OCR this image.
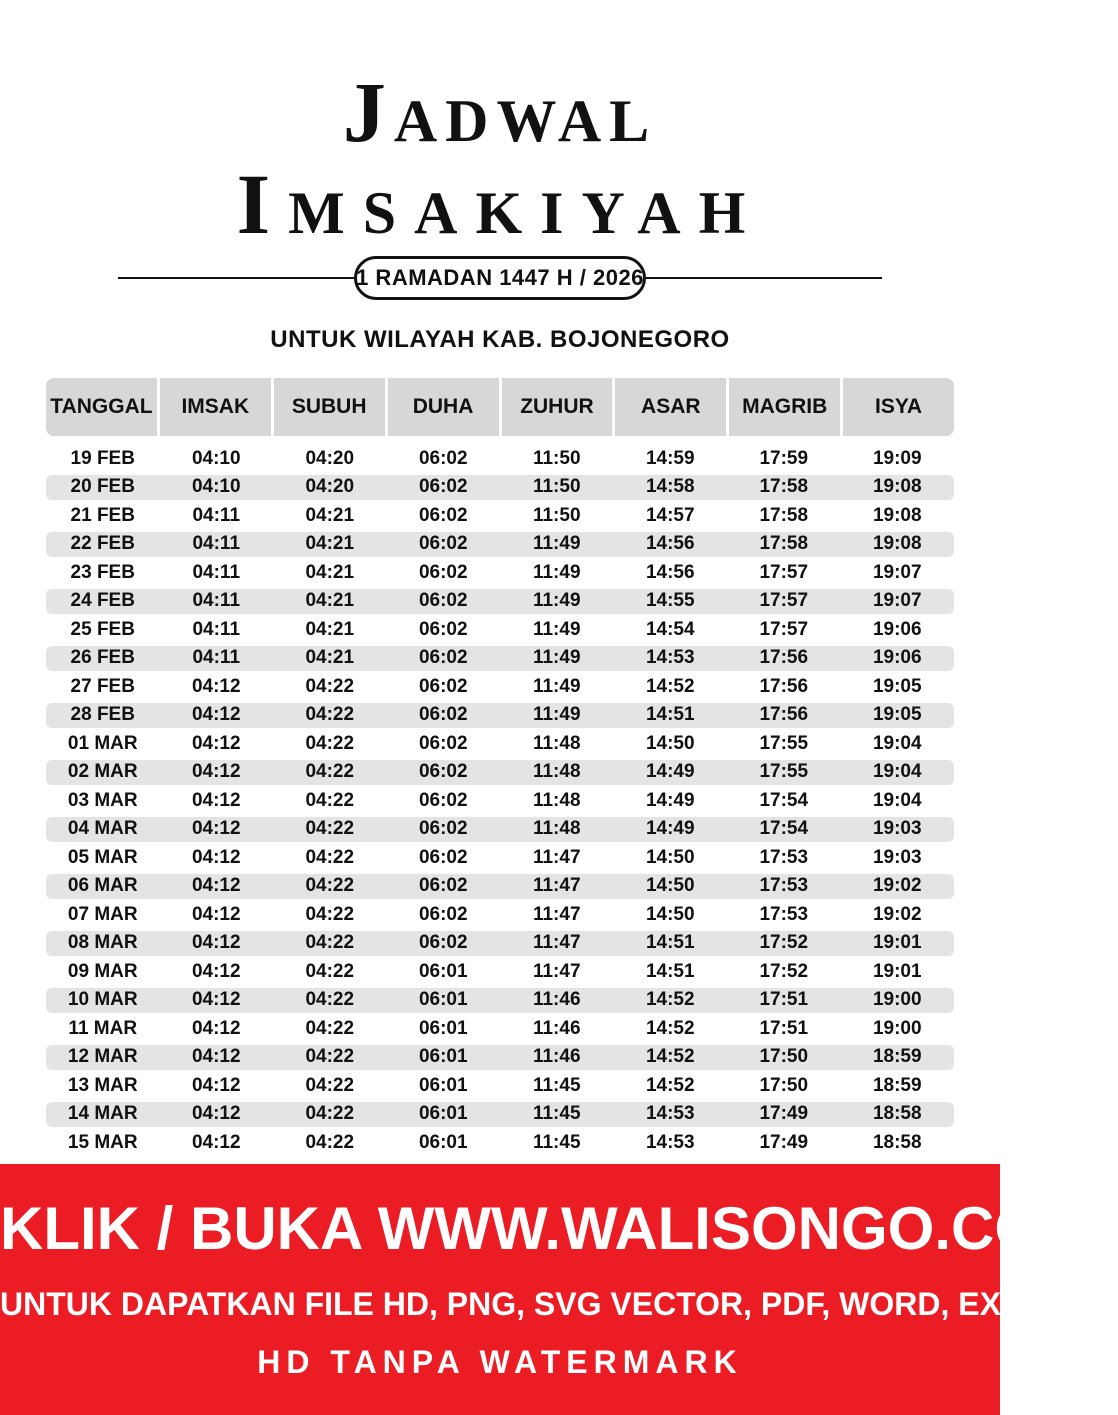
Jadwal
Imsakiyah
1 RAMADAN 1447 H / 2026
UNTUK WILAYAH KAB. BOJONEGORO
TANGGAL	IMSAK	SUBUH	DUHA	ZUHUR	ASAR	MAGRIB	ISYA
19 FEB	04:10	04:20	06:02	11:50	14:59	17:59	19:09
20 FEB	04:10	04:20	06:02	11:50	14:58	17:58	19:08
21 FEB	04:11	04:21	06:02	11:50	14:57	17:58	19:08
22 FEB	04:11	04:21	06:02	11:49	14:56	17:58	19:08
23 FEB	04:11	04:21	06:02	11:49	14:56	17:57	19:07
24 FEB	04:11	04:21	06:02	11:49	14:55	17:57	19:07
25 FEB	04:11	04:21	06:02	11:49	14:54	17:57	19:06
26 FEB	04:11	04:21	06:02	11:49	14:53	17:56	19:06
27 FEB	04:12	04:22	06:02	11:49	14:52	17:56	19:05
28 FEB	04:12	04:22	06:02	11:49	14:51	17:56	19:05
01 MAR	04:12	04:22	06:02	11:48	14:50	17:55	19:04
02 MAR	04:12	04:22	06:02	11:48	14:49	17:55	19:04
03 MAR	04:12	04:22	06:02	11:48	14:49	17:54	19:04
04 MAR	04:12	04:22	06:02	11:48	14:49	17:54	19:03
05 MAR	04:12	04:22	06:02	11:47	14:50	17:53	19:03
06 MAR	04:12	04:22	06:02	11:47	14:50	17:53	19:02
07 MAR	04:12	04:22	06:02	11:47	14:50	17:53	19:02
08 MAR	04:12	04:22	06:02	11:47	14:51	17:52	19:01
09 MAR	04:12	04:22	06:01	11:47	14:51	17:52	19:01
10 MAR	04:12	04:22	06:01	11:46	14:52	17:51	19:00
11 MAR	04:12	04:22	06:01	11:46	14:52	17:51	19:00
12 MAR	04:12	04:22	06:01	11:46	14:52	17:50	18:59
13 MAR	04:12	04:22	06:01	11:45	14:52	17:50	18:59
14 MAR	04:12	04:22	06:01	11:45	14:53	17:49	18:58
15 MAR	04:12	04:22	06:01	11:45	14:53	17:49	18:58
KLIK / BUKA WWW.WALISONGO.CO.ID
UNTUK DAPATKAN FILE HD, PNG, SVG VECTOR, PDF, WORD, EXCEL
HD TANPA WATERMARK
